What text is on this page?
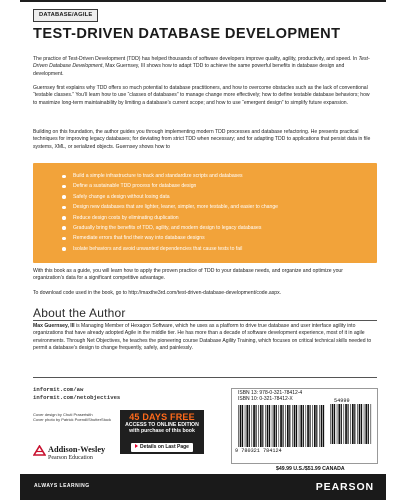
DATABASE/AGILE
TEST-DRIVEN DATABASE DEVELOPMENT

The practice of Test-Driven Development (TDD) has helped thousands of software developers improve quality, agility, productivity, and speed. In Test-Driven Database Development, Max Guernsey, III shows how to adapt TDD to achieve the same powerful benefits in database design and development.

Guernsey first explains why TDD offers so much potential to database practitioners, and how to overcome obstacles such as the lack of conventional “testable classes.” You’ll learn how to use “classes of databases” to manage change more effectively; how to define testable database behaviors; how to maximize long-term maintainability by limiting a database’s current scope; and how to use “emergent design” to simplify future expansion.

Building on this foundation, the author guides you through implementing modern TDD processes and database refactoring. He presents practical techniques for improving legacy databases; for deviating from strict TDD when necessary; and for adapting TDD to applications that persist data in file systems, XML, or serialized objects. Guernsey shows how to

Build a simple infrastructure to track and standardize scripts and databases
Define a sustainable TDD process for database design
Safely change a design without losing data
Design new databases that are lighter, leaner, simpler, more testable, and easier to change
Reduce design costs by eliminating duplication
Gradually bring the benefits of TDD, agility, and modern design to legacy databases
Remediate errors that find their way into database designs
Isolate behaviors and avoid unwanted dependencies that cause tests to fail

With this book as a guide, you will learn how to apply the proven practice of TDD to your database needs, and organize and optimize your organization’s data for a significant competitive advantage.

To download code used in the book, go to http://maxthe3rd.com/test-driven-database-development/code.aspx.

About the Author

Max Guernsey, III is Managing Member of Hexagon Software, which he uses as a platform to drive true database and user interface agility into organizations that have already adopted Agile in the middle tier. He has more than a decade of software development experience, most of it in agile environments. Through Net Objectives, he teaches the pioneering course Database Agility Training, which focuses on critical technical skills needed to permit a database’s design to change frequently, safely, and painlessly.

informit.com/aw
informit.com/netobjectives
Cover design by Chuti Prasertsith
Cover photo by Patrick Poendl/ShutterStock	45 DAYS FREE
ACCESS TO ONLINE EDITION
with purchase of this book
Details on Last Page
Addison-Wesley
Pearson Education
ISBN 13: 978-0-321-78412-4
ISBN 10: 0-321-78412-X	54999
9 780321 784124
$49.99 U.S./$51.99 CANADA
ALWAYS LEARNING	PEARSON
